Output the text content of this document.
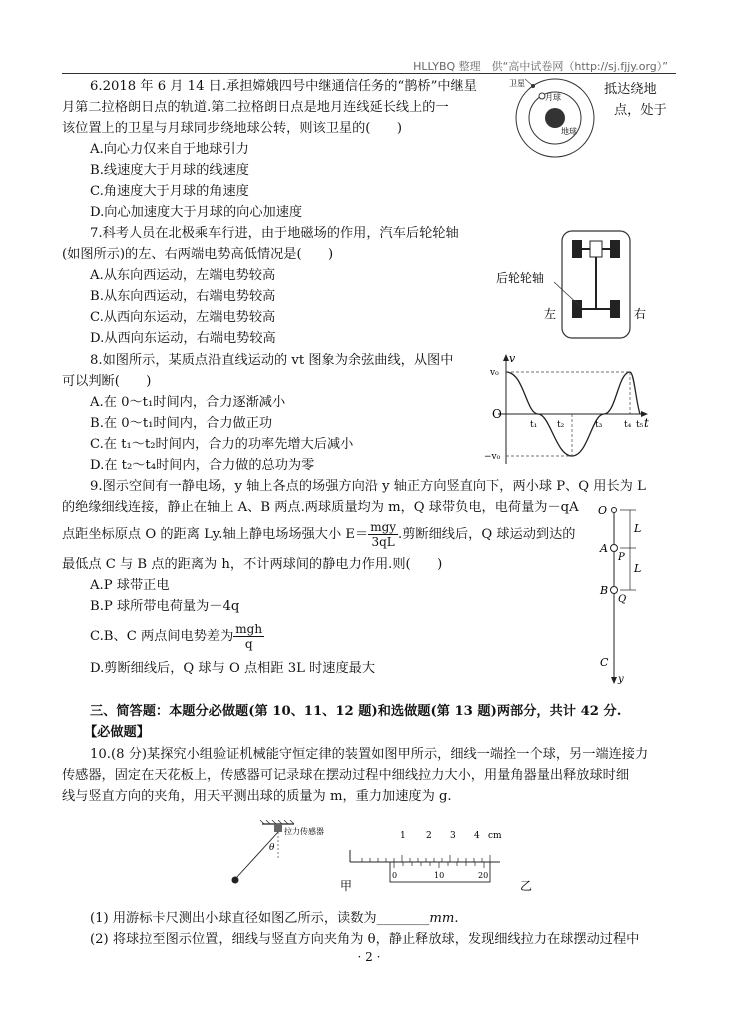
HLLYBQ 整理　供“高中试卷网（http://sj.fjjy.org）”
6.2018 年 6 月 14 日.承担嫦娥四号中继通信任务的“鹊桥”中继星	抵达绕地
月第二拉格朗日点的轨道.第二拉格朗日点是地月连线延长线上的一	点，处于
该位置上的卫星与月球同步绕地球公转，则该卫星的(　　)
A.向心力仅来自于地球引力
B.线速度大于月球的线速度
C.角速度大于月球的角速度
D.向心加速度大于月球的向心加速度
卫星
月球
地球
7.科考人员在北极乘车行进，由于地磁场的作用，汽车后轮轮轴
(如图所示)的左、右两端电势高低情况是(　　)
A.从东向西运动，左端电势较高
B.从东向西运动，右端电势较高
C.从西向东运动，左端电势较高
D.从西向东运动，右端电势较高
后轮轮轴
左	右
8.如图所示，某质点沿直线运动的 vt 图象为余弦曲线，从图中
可以判断(　　)
A.在 0～t₁时间内，合力逐渐减小
B.在 0～t₁时间内，合力做正功
C.在 t₁～t₂时间内，合力的功率先增大后减小
D.在 t₂～t₄时间内，合力做的总功为零
v
v₀
−v₀
O
t
t₁ t₂	t₃ t₄ t₅
9.图示空间有一静电场，y 轴上各点的场强方向沿 y 轴正方向竖直向下，两小球 P、Q 用长为 L
的绝缘细线连接，静止在轴上 A、B 两点.两球质量均为 m，Q 球带负电，电荷量为－qA
点距坐标原点 O 的距离 Ly.轴上静电场场强大小 $E= \frac{\text{mgy}}{3qL}$ .剪断细线后，Q 球运动到达的
最低点 C 与 B 点的距离为 h，不计两球间的静电力作用.则(　　)
A.P 球带正电
B.P 球所带电荷量为－4q
C.B、C 两点间电势差为 $\frac{\text{mgh}}{q}$
D.剪断细线后，Q 球与 O 点相距 3L 时速度最大
O
A
P
B
Q
C
y
L
L
三、简答题：本题分必做题(第 10、11、12 题)和选做题(第 13 题)两部分，共计 42 分.
【必做题】
10.(8 分)某探究小组验证机械能守恒定律的装置如图甲所示，细线一端拴一个球，另一端连接力
传感器，固定在天花板上，传感器可记录球在摆动过程中细线拉力大小，用量角器量出释放球时细
线与竖直方向的夹角，用天平测出球的质量为 m，重力加速度为 g.
拉力传感器
θ
甲
1 2 3 4 cm
0	10	20
乙
(1) 用游标卡尺测出小球直径如图乙所示，读数为________mm.
(2) 将球拉至图示位置，细线与竖直方向夹角为 θ，静止释放球，发现细线拉力在球摆动过程中
· 2 ·
